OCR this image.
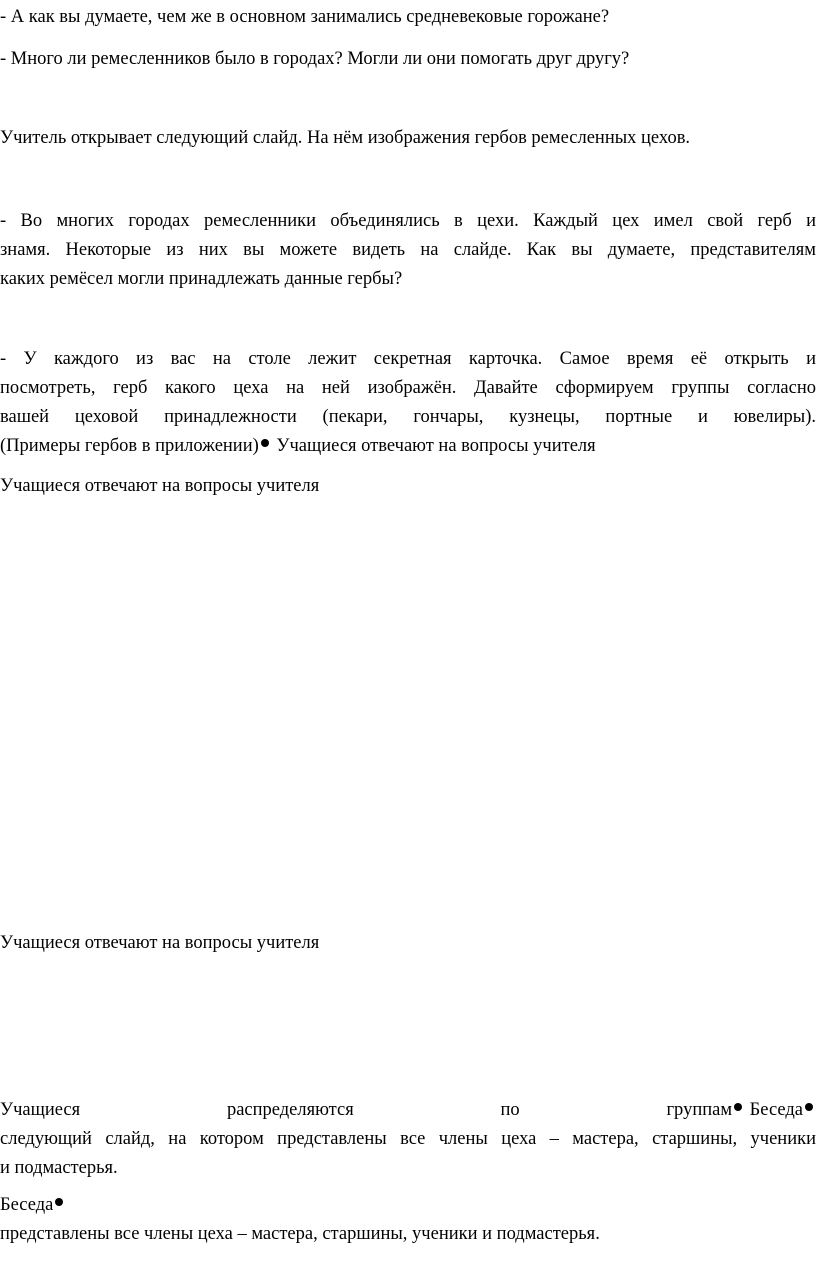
- А как вы думаете, чем же в основном занимались средневековые горожане?

- Много ли ремесленников было в городах? Могли ли они помогать друг другу?

Учитель открывает следующий слайд. На нём изображения гербов ремесленных цехов.

- Во многих городах ремесленники объединялись в цехи. Каждый цех имел свой герб и
знамя. Некоторые из них вы можете видеть на слайде. Как вы думаете, представителям
каких ремёсел могли принадлежать данные гербы?

- У каждого из вас на столе лежит секретная карточка. Самое время её открыть и
посмотреть, герб какого цеха на ней изображён. Давайте сформируем группы согласно
вашей цеховой принадлежности (пекари, гончары, кузнецы, портные и ювелиры).
(Примеры гербов в приложении) Учащиеся отвечают на вопросы учителя

Учащиеся отвечают на вопросы учителя

Учащиеся отвечают на вопросы учителя

Учащиеся	распределяются	по	группам Беседа
следующий слайд, на котором представлены все члены цеха – мастера, старшины, ученики
и подмастерья.

Беседа
представлены все члены цеха – мастера, старшины, ученики и подмастерья.
